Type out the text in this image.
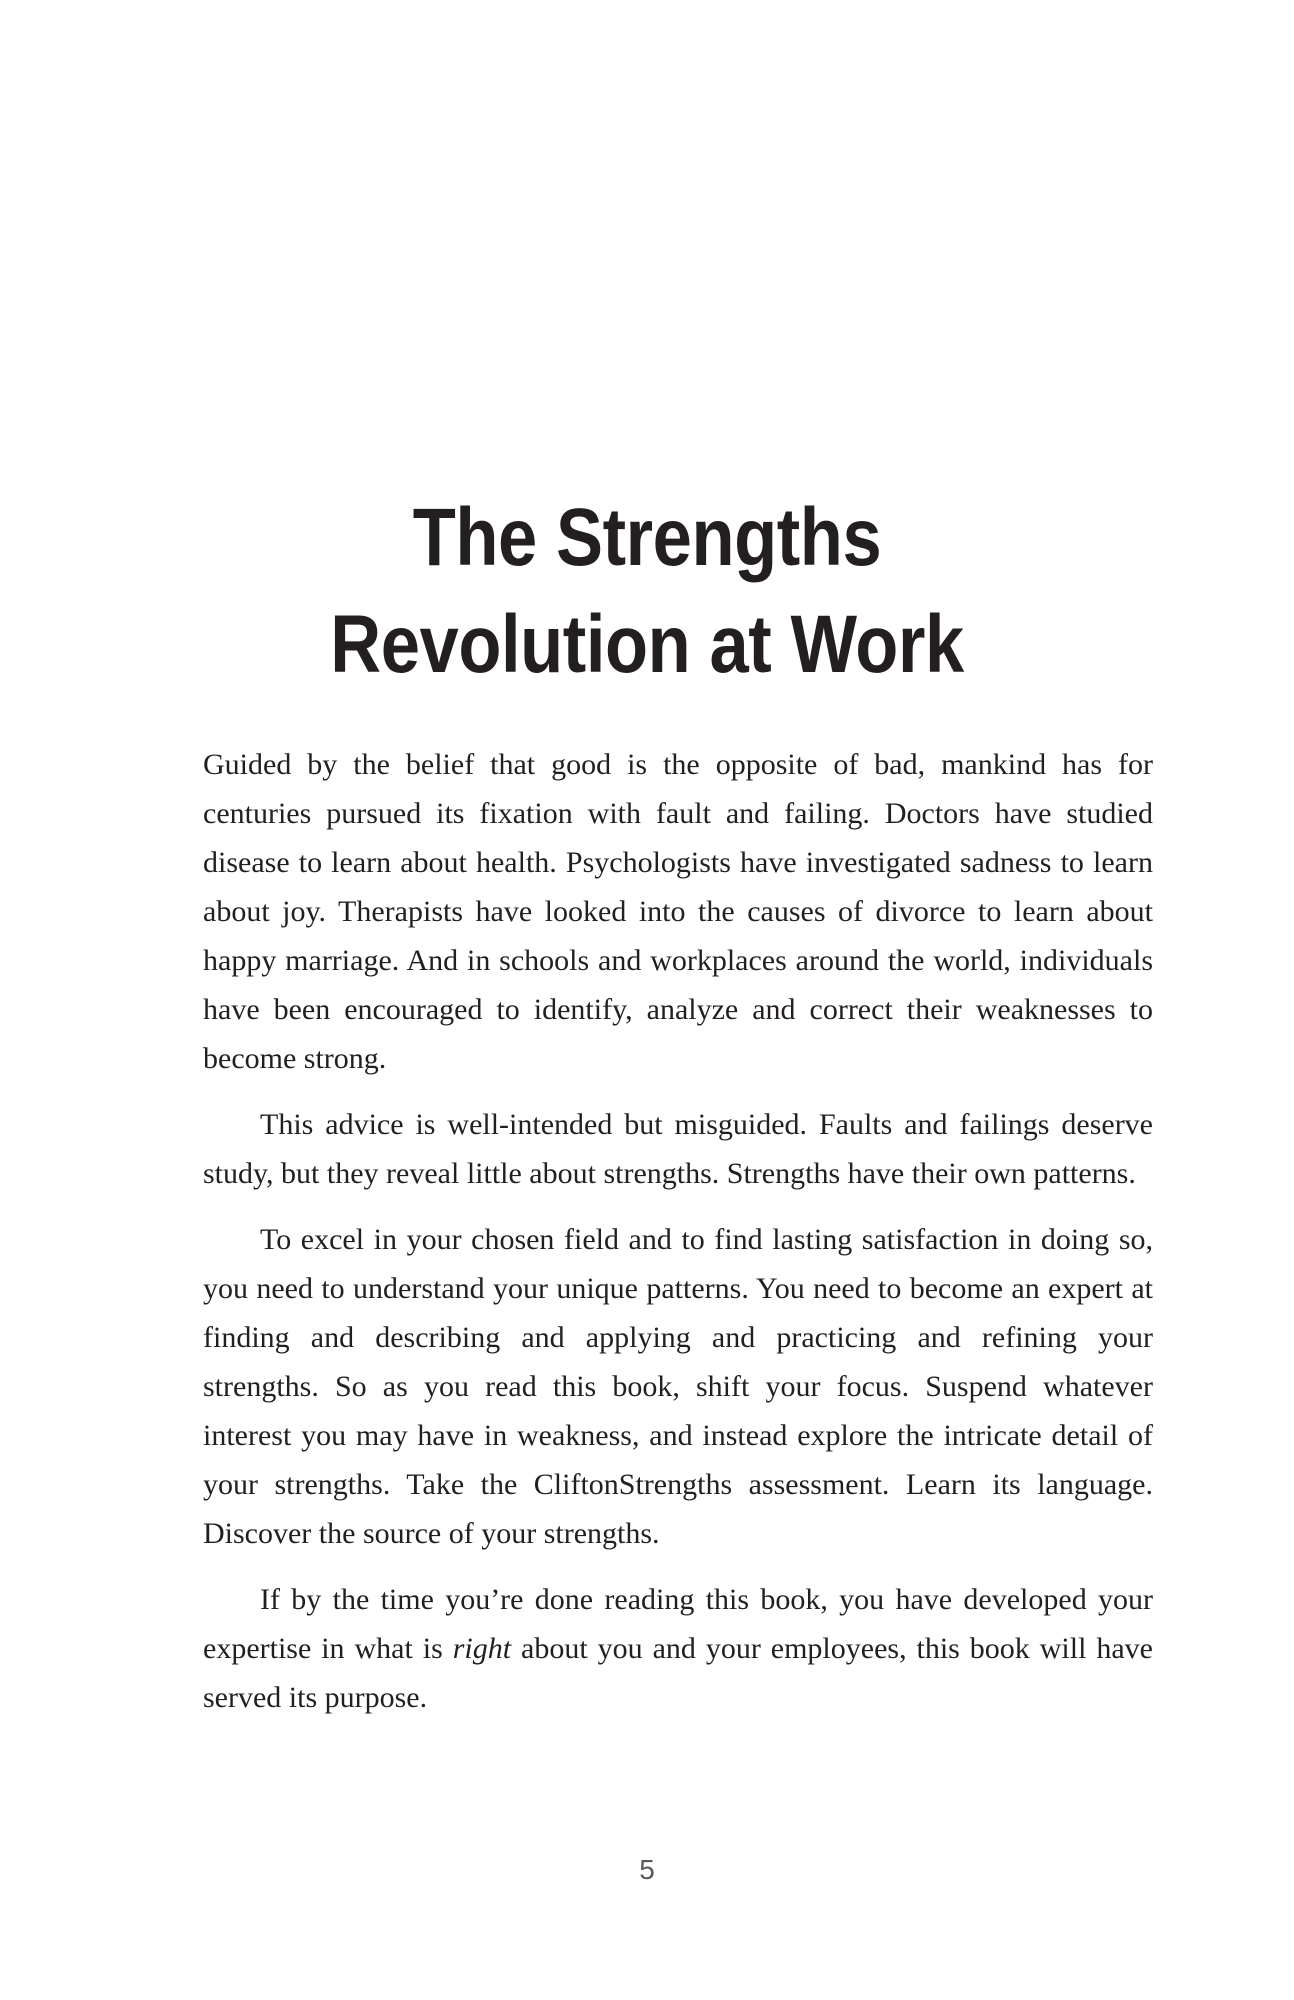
The Strengths
Revolution at Work

Guided by the belief that good is the opposite of bad, mankind has for centuries pursued its fixation with fault and failing. Doctors have studied disease to learn about health. Psychologists have investigated sadness to learn about joy. Therapists have looked into the causes of divorce to learn about happy marriage. And in schools and workplaces around the world, individuals have been encouraged to identify, analyze and correct their weaknesses to become strong.

This advice is well-intended but misguided. Faults and failings deserve study, but they reveal little about strengths. Strengths have their own patterns.

To excel in your chosen field and to find lasting satisfaction in doing so, you need to understand your unique patterns. You need to become an expert at finding and describing and applying and practicing and refining your strengths. So as you read this book, shift your focus. Suspend whatever interest you may have in weakness, and instead explore the intricate detail of your strengths. Take the CliftonStrengths assessment. Learn its language. Discover the source of your strengths.

If by the time you’re done reading this book, you have developed your expertise in what is right about you and your employees, this book will have served its purpose.

5
